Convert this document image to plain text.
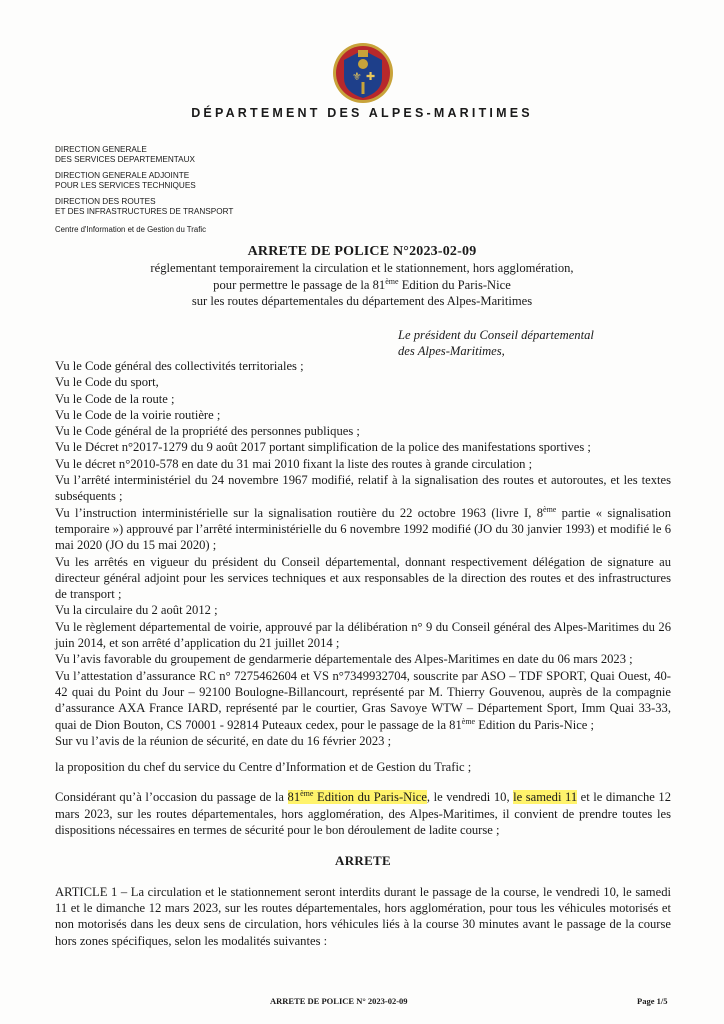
⚜ ✚
DÉPARTEMENT DES ALPES-MARITIMES
DIRECTION GENERALE
DES SERVICES DEPARTEMENTAUX
DIRECTION GENERALE ADJOINTE
POUR LES SERVICES TECHNIQUES
DIRECTION DES ROUTES
ET DES INFRASTRUCTURES DE TRANSPORT
Centre d'Information et de Gestion du Trafic
ARRETE DE POLICE N°2023-02-09
réglementant temporairement la circulation et le stationnement, hors agglomération,
pour permettre le passage de la 81ème Edition du Paris-Nice
sur les routes départementales du département des Alpes-Maritimes
Le président du Conseil départemental
des Alpes-Maritimes,

Vu le Code général des collectivités territoriales ;

Vu le Code du sport,

Vu le Code de la route ;

Vu le Code de la voirie routière ;

Vu le Code général de la propriété des personnes publiques ;

Vu le Décret n°2017-1279 du 9 août 2017 portant simplification de la police des manifestations sportives ;

Vu le décret n°2010-578 en date du 31 mai 2010 fixant la liste des routes à grande circulation ;

Vu l’arrêté interministériel du 24 novembre 1967 modifié, relatif à la signalisation des routes et autoroutes, et les textes subséquents ;

Vu l’instruction interministérielle sur la signalisation routière du 22 octobre 1963 (livre I, 8ème partie « signalisation temporaire ») approuvé par l’arrêté interministérielle du 6 novembre 1992 modifié (JO du 30 janvier 1993) et modifié le 6 mai 2020 (JO du 15 mai 2020) ;

Vu les arrêtés en vigueur du président du Conseil départemental, donnant respectivement délégation de signature au directeur général adjoint pour les services techniques et aux responsables de la direction des routes et des infrastructures de transport ;

Vu la circulaire du 2 août 2012 ;

Vu le règlement départemental de voirie, approuvé par la délibération n° 9 du Conseil général des Alpes-Maritimes du 26 juin 2014, et son arrêté d’application du 21 juillet 2014 ;

Vu l’avis favorable du groupement de gendarmerie départementale des Alpes-Maritimes en date du 06 mars 2023 ;

Vu l’attestation d’assurance RC n° 7275462604 et VS n°7349932704, souscrite par ASO – TDF SPORT, Quai Ouest, 40-42 quai du Point du Jour – 92100 Boulogne-Billancourt, représenté par M. Thierry Gouvenou, auprès de la compagnie d’assurance AXA France IARD, représenté par le courtier, Gras Savoye WTW – Département Sport, Imm Quai 33-33, quai de Dion Bouton, CS 70001 - 92814 Puteaux cedex, pour le passage de la 81ème Edition du Paris-Nice ;

Sur vu l’avis de la réunion de sécurité, en date du 16 février 2023 ;

la proposition du chef du service du Centre d’Information et de Gestion du Trafic ;

Considérant qu’à l’occasion du passage de la 81ème Edition du Paris-Nice, le vendredi 10, le samedi 11 et le dimanche 12 mars 2023, sur les routes départementales, hors agglomération, des Alpes-Maritimes, il convient de prendre toutes les dispositions nécessaires en termes de sécurité pour le bon déroulement de ladite course ;

ARRETE

ARTICLE 1 – La circulation et le stationnement seront interdits durant le passage de la course, le vendredi 10, le samedi 11 et le dimanche 12 mars 2023, sur les routes départementales, hors agglomération, pour tous les véhicules motorisés et non motorisés dans les deux sens de circulation, hors véhicules liés à la course 30 minutes avant le passage de la course hors zones spécifiques, selon les modalités suivantes :

ARRETE DE POLICE N° 2023-02-09	Page 1/5
